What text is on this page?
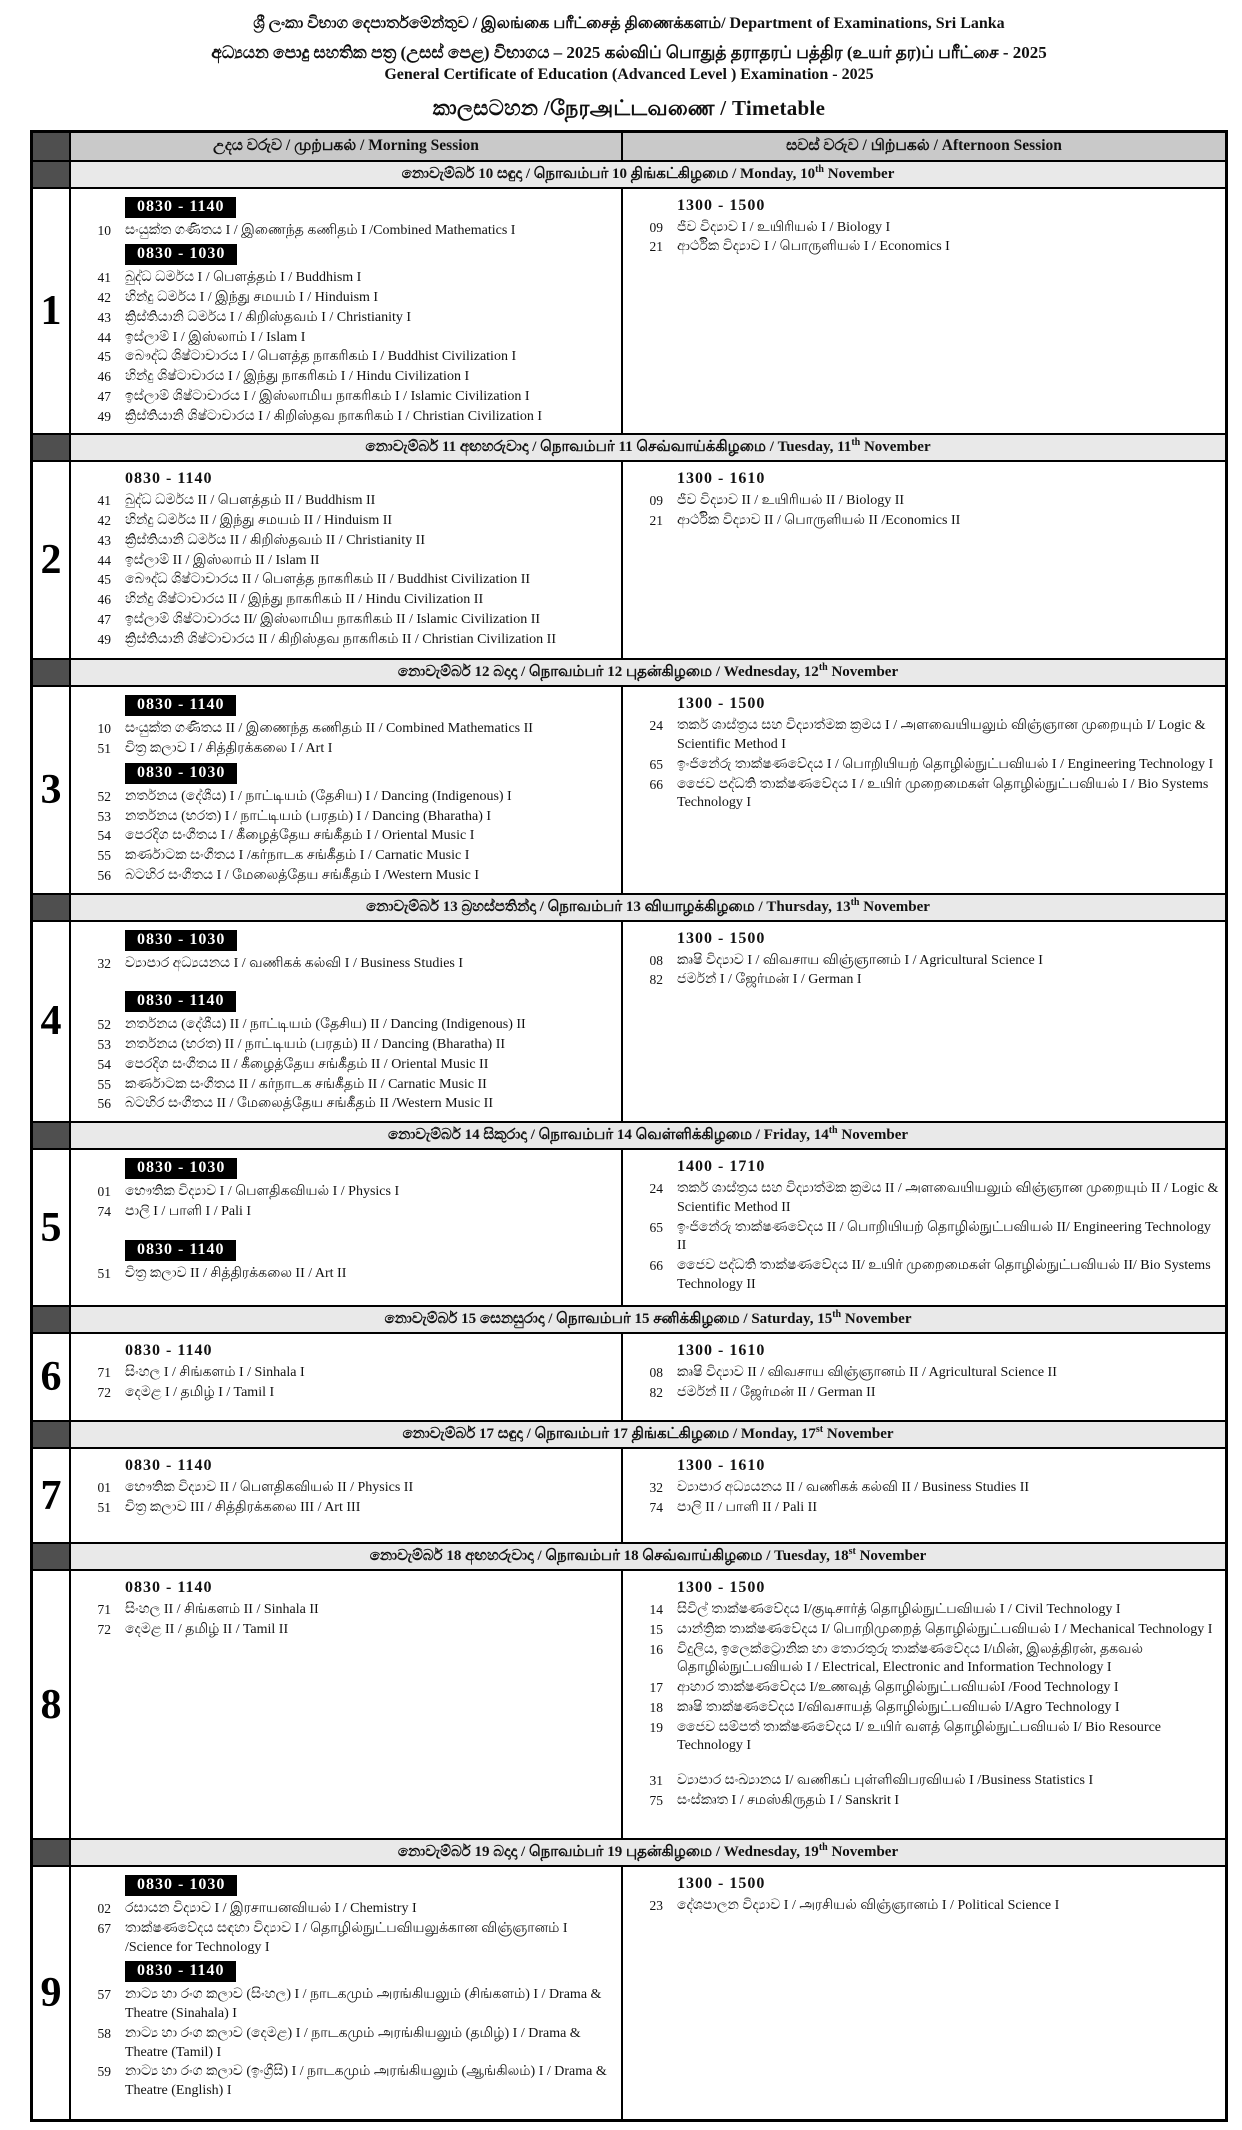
ශ්‍රී ලංකා විභාග දෙපාර්තමේන්තුව / இலங்கை பரீட்சைத் திணைக்களம்/ Department of Examinations, Sri Lanka
අධ්‍යයන පොදු සහතික පත්‍ර (උසස් පෙළ) විභාගය – 2025 கல்விப் பொதுத் தராதரப் பத்திர (உயர் தர)ப் பரீட்சை - 2025
General Certificate of Education (Advanced Level ) Examination - 2025
කාලසටහන /நேரஅட்டவணை / Timetable
උදය වරුව / முற்பகல் / Morning Session	සවස් වරුව / பிற்பகல் / Afternoon Session
නොවැම්බර් 10 සඳුදා / நொவம்பர் 10 திங்கட்கிழமை / Monday, 10th November
1
0830 - 1140

10	සංයුක්ත ගණිතය I / இணைந்த கணிதம் I /Combined Mathematics I
0830 - 1030

41	බුද්ධ ධර්මය I / பௌத்தம் I / Buddhism I
42	හින්දු ධර්මය I / இந்து சமயம் I / Hinduism I
43	ක්‍රිස්තියානි ධර්මය I / கிறிஸ்தவம் I / Christianity I
44	ඉස්ලාම් I / இஸ்லாம் I / Islam I
45	බෞද්ධ ශිෂ්ටාචාරය I / பௌத்த நாகரிகம் I / Buddhist Civilization I
46	හින්දු ශිෂ්ටාචාරය I / இந்து நாகரிகம் I / Hindu Civilization I
47	ඉස්ලාම් ශිෂ්ටාචාරය I / இஸ்லாமிய நாகரிகம் I / Islamic Civilization I
49	ක්‍රිස්තියානි ශිෂ්ටාචාරය I / கிறிஸ்தவ நாகரிகம் I / Christian Civilization I
1300 - 1500

09	ජීව විද්‍යාව I / உயிரியல் I / Biology I
21	ආර්ථික විද්‍යාව I / பொருளியல் I / Economics I
නොවැම්බර් 11 අඟහරුවාදා / நொவம்பர் 11 செவ்வாய்க்கிழமை / Tuesday, 11th November
2
0830 - 1140

41	බුද්ධ ධර්මය II / பௌத்தம் II / Buddhism II
42	හින්දු ධර්මය II / இந்து சமயம் II / Hinduism II
43	ක්‍රිස්තියානි ධර්මය II / கிறிஸ்தவம் II / Christianity II
44	ඉස්ලාම් II / இஸ்லாம் II / Islam II
45	බෞද්ධ ශිෂ්ටාචාරය II / பௌத்த நாகரிகம் II / Buddhist Civilization II
46	හින්දු ශිෂ්ටාචාරය II / இந்து நாகரிகம் II / Hindu Civilization II
47	ඉස්ලාම් ශිෂ්ටාචාරය II/ இஸ்லாமிய நாகரிகம் II / Islamic Civilization II
49	ක්‍රිස්තියානි ශිෂ්ටාචාරය II / கிறிஸ்தவ நாகரிகம் II / Christian Civilization II
1300 - 1610

09	ජීව විද්‍යාව II / உயிரியல் II / Biology II
21	ආර්ථික විද්‍යාව II / பொருளியல் II /Economics II
නොවැම්බර් 12 බදාදා / நொவம்பர் 12 புதன்கிழமை / Wednesday, 12th November
3
0830 - 1140

10	සංයුක්ත ගණිතය II / இணைந்த கணிதம் II / Combined Mathematics II
51	චිත්‍ර කලාව I / சித்திரக்கலை I / Art I
0830 - 1030

52	නර්තනය (දේශීය) I / நாட்டியம் (தேசிய) I / Dancing (Indigenous) I
53	නර්තනය (භරත) I / நாட்டியம் (பரதம்) I / Dancing (Bharatha) I
54	පෙරදිග සංගීතය I / கீழைத்தேய சங்கீதம் I / Oriental Music I
55	කර්ණාටක සංගීතය I /கர்நாடக சங்கீதம் I / Carnatic Music I
56	බටහිර සංගීතය I / மேலைத்தேய சங்கீதம் I /Western Music I
1300 - 1500

24	තර්ක ශාස්ත්‍රය සහ විද්‍යාත්මක ක්‍රමය I / அளவையியலும் விஞ்ஞான முறையும் I/ Logic & Scientific Method I
65	ඉංජිනේරු තාක්ෂණවේදය I / பொறியியற் தொழில்நுட்பவியல் I / Engineering Technology I
66	ජෛව පද්ධති තාක්ෂණවේදය I / உயிர் முறைமைகள் தொழில்நுட்பவியல் I / Bio Systems Technology I
නොවැම්බර් 13 බ්‍රහස්පතින්දා / நொவம்பர் 13 வியாழக்கிழமை / Thursday, 13th November
4
0830 - 1030

32	ව්‍යාපාර අධ්‍යයනය I / வணிகக் கல்வி I / Business Studies I
0830 - 1140

52	නර්තනය (දේශීය) II / நாட்டியம் (தேசிய) II / Dancing (Indigenous) II
53	නර්තනය (භරත) II / நாட்டியம் (பரதம்) II / Dancing (Bharatha) II
54	පෙරදිග සංගීතය II / கீழைத்தேய சங்கீதம் II / Oriental Music II
55	කර්ණාටක සංගීතය II / கர்நாடக சங்கீதம் II / Carnatic Music II
56	බටහිර සංගීතය II / மேலைத்தேய சங்கீதம் II /Western Music II
1300 - 1500

08	කෘෂි විද්‍යාව I / விவசாய விஞ்ஞானம் I / Agricultural Science I
82	ජර්මන් I / ஜேர்மன் I / German I
නොවැම්බර් 14 සිකුරාදා / நொவம்பர் 14 வெள்ளிக்கிழமை / Friday, 14th November
5
0830 - 1030

01	භෞතික විද්‍යාව I / பௌதிகவியல் I / Physics I
74	පාලි I / பாளி I / Pali I
0830 - 1140

51	චිත්‍ර කලාව II / சித்திரக்கலை II / Art II
1400 - 1710

24	තර්ක ශාස්ත්‍රය සහ විද්‍යාත්මක ක්‍රමය II / அளவையியலும் விஞ்ஞான முறையும் II / Logic & Scientific Method II
65	ඉංජිනේරු තාක්ෂණවේදය II / பொறியியற் தொழில்நுட்பவியல் II/ Engineering Technology II
66	ජෛව පද්ධති තාක්ෂණවේදය II/ உயிர் முறைமைகள் தொழில்நுட்பவியல் II/ Bio Systems Technology II
නොවැම්බර් 15 සෙනසුරාදා / நொவம்பர் 15 சனிக்கிழமை / Saturday, 15th November
6
0830 - 1140

71	සිංහල I / சிங்களம் I / Sinhala I
72	දෙමළ I / தமிழ் I / Tamil I
1300 - 1610

08	කෘෂි විද්‍යාව II / விவசாய விஞ்ஞானம் II / Agricultural Science II
82	ජර්මන් II / ஜேர்மன் II / German II
නොවැම්බර් 17 සඳුදා / நொவம்பர் 17 திங்கட்கிழமை / Monday, 17st November
7
0830 - 1140

01	භෞතික විද්‍යාව II / பௌதிகவியல் II / Physics II
51	චිත්‍ර කලාව III / சித்திரக்கலை III / Art III
1300 - 1610

32	ව්‍යාපාර අධ්‍යයනය II / வணிகக் கல்வி II / Business Studies II
74	පාලි II / பாளி II / Pali II
නොවැම්බර් 18 අඟහරුවාදා / நொவம்பர் 18 செவ்வாய்கிழமை / Tuesday, 18st November
8
0830 - 1140

71	සිංහල II / சிங்களம் II / Sinhala II
72	දෙමළ II / தமிழ் II / Tamil II
1300 - 1500

14	සිවිල් තාක්ෂණවේදය I/குடிசார்த் தொழில்நுட்பவியல் I / Civil Technology I
15	යාන්ත්‍රික තාක්ෂණවේදය I/ பொறிமுறைத் தொழில்நுட்பவியல் I / Mechanical Technology I
16	විදුලිය, ඉලෙක්ට්‍රොනික හා තොරතුරු තාක්ෂණවේදය I/மின், இலத்திரன், தகவல் தொழில்நுட்பவியல் I / Electrical, Electronic and Information Technology I
17	ආහාර තාක්ෂණවේදය I/உணவுத் தொழில்நுட்பவியல்I /Food Technology I
18	කෘෂි තාක්ෂණවේදය I/விவசாயத் தொழில்நுட்பவியல் I/Agro Technology I
19	ජෛව සම්පත් තාක්ෂණවේදය I/ உயிர் வளத் தொழில்நுட்பவியல் I/ Bio Resource Technology I
31	ව්‍යාපාර සංඛ්‍යානය I/ வணிகப் புள்ளிவிபரவியல் I /Business Statistics I
75	සංස්කෘත I / சமஸ்கிருதம் I / Sanskrit I
නොවැම්බර් 19 බදාදා / நொவம்பர் 19 புதன்கிழமை / Wednesday, 19th November
9
0830 - 1030

02	රසායන විද්‍යාව I / இரசாயனவியல் I / Chemistry I
67	තාක්ෂණවේදය සඳහා විද්‍යාව I / தொழில்நுட்பவியலுக்கான விஞ்ஞானம் I /Science for Technology I
0830 - 1140

57	නාට්‍ය හා රංග කලාව (සිංහල) I / நாடகமும் அரங்கியலும் (சிங்களம்) I / Drama & Theatre (Sinahala) I
58	නාට්‍ය හා රංග කලාව (දෙමළ) I / நாடகமும் அரங்கியலும் (தமிழ்) I / Drama & Theatre (Tamil) I
59	නාට්‍ය හා රංග කලාව (ඉංග්‍රීසි) I / நாடகமும் அரங்கியலும் (ஆங்கிலம்) I / Drama & Theatre (English) I
1300 - 1500

23	දේශපාලන විද්‍යාව I / அரசியல் விஞ்ஞானம் I / Political Science I
